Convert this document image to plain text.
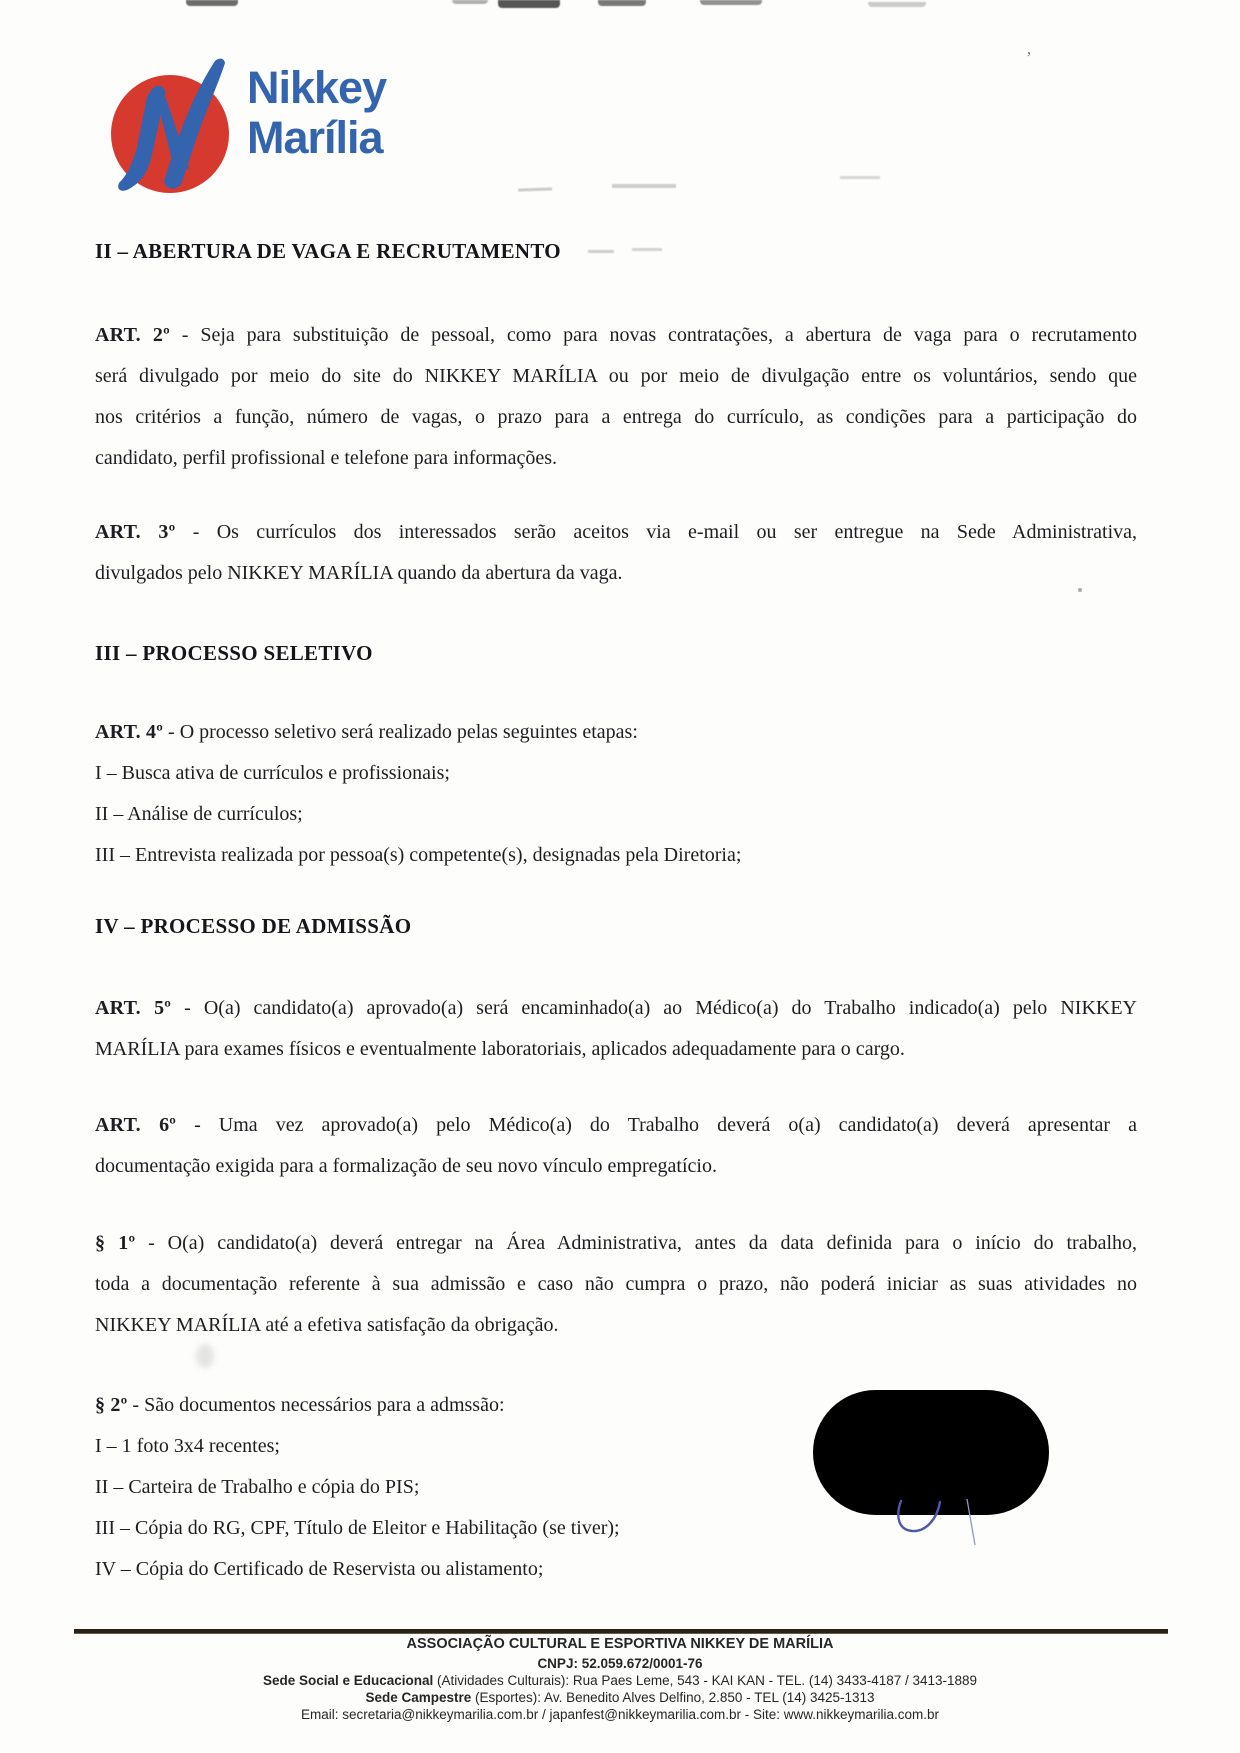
’
Nikkey
Marília
II – ABERTURA DE VAGA E RECRUTAMENTO
ART. 2º - Seja para substituição de pessoal, como para novas contratações, a abertura de vaga para o recrutamento
será divulgado por meio do site do NIKKEY MARÍLIA ou por meio de divulgação entre os voluntários, sendo que
nos critérios a função, número de vagas, o prazo para a entrega do currículo, as condições para a participação do
candidato, perfil profissional e telefone para informações.
ART. 3º - Os currículos dos interessados serão aceitos via e-mail ou ser entregue na Sede Administrativa,
divulgados pelo NIKKEY MARÍLIA quando da abertura da vaga.
III – PROCESSO SELETIVO
ART. 4º - O processo seletivo será realizado pelas seguintes etapas:
I – Busca ativa de currículos e profissionais;
II – Análise de currículos;
III – Entrevista realizada por pessoa(s) competente(s), designadas pela Diretoria;
IV – PROCESSO DE ADMISSÃO
ART. 5º - O(a) candidato(a) aprovado(a) será encaminhado(a) ao Médico(a) do Trabalho indicado(a) pelo NIKKEY
MARÍLIA para exames físicos e eventualmente laboratoriais, aplicados adequadamente para o cargo.
ART. 6º - Uma vez aprovado(a) pelo Médico(a) do Trabalho deverá o(a) candidato(a) deverá apresentar a
documentação exigida para a formalização de seu novo vínculo empregatício.
§ 1º - O(a) candidato(a) deverá entregar na Área Administrativa, antes da data definida para o início do trabalho,
toda a documentação referente à sua admissão e caso não cumpra o prazo, não poderá iniciar as suas atividades no
NIKKEY MARÍLIA até a efetiva satisfação da obrigação.
§ 2º - São documentos necessários para a admssão:
I – 1 foto 3x4 recentes;
II – Carteira de Trabalho e cópia do PIS;
III – Cópia do RG, CPF, Título de Eleitor e Habilitação (se tiver);
IV – Cópia do Certificado de Reservista ou alistamento;
ASSOCIAÇÃO CULTURAL E ESPORTIVA NIKKEY DE MARÍLIA
CNPJ: 52.059.672/0001-76
Sede Social e Educacional (Atividades Culturais): Rua Paes Leme, 543 - KAI KAN - TEL. (14) 3433-4187 / 3413-1889
Sede Campestre (Esportes): Av. Benedito Alves Delfino, 2.850 - TEL (14) 3425-1313
Email: secretaria@nikkeymarilia.com.br / japanfest@nikkeymarilia.com.br - Site: www.nikkeymarilia.com.br
